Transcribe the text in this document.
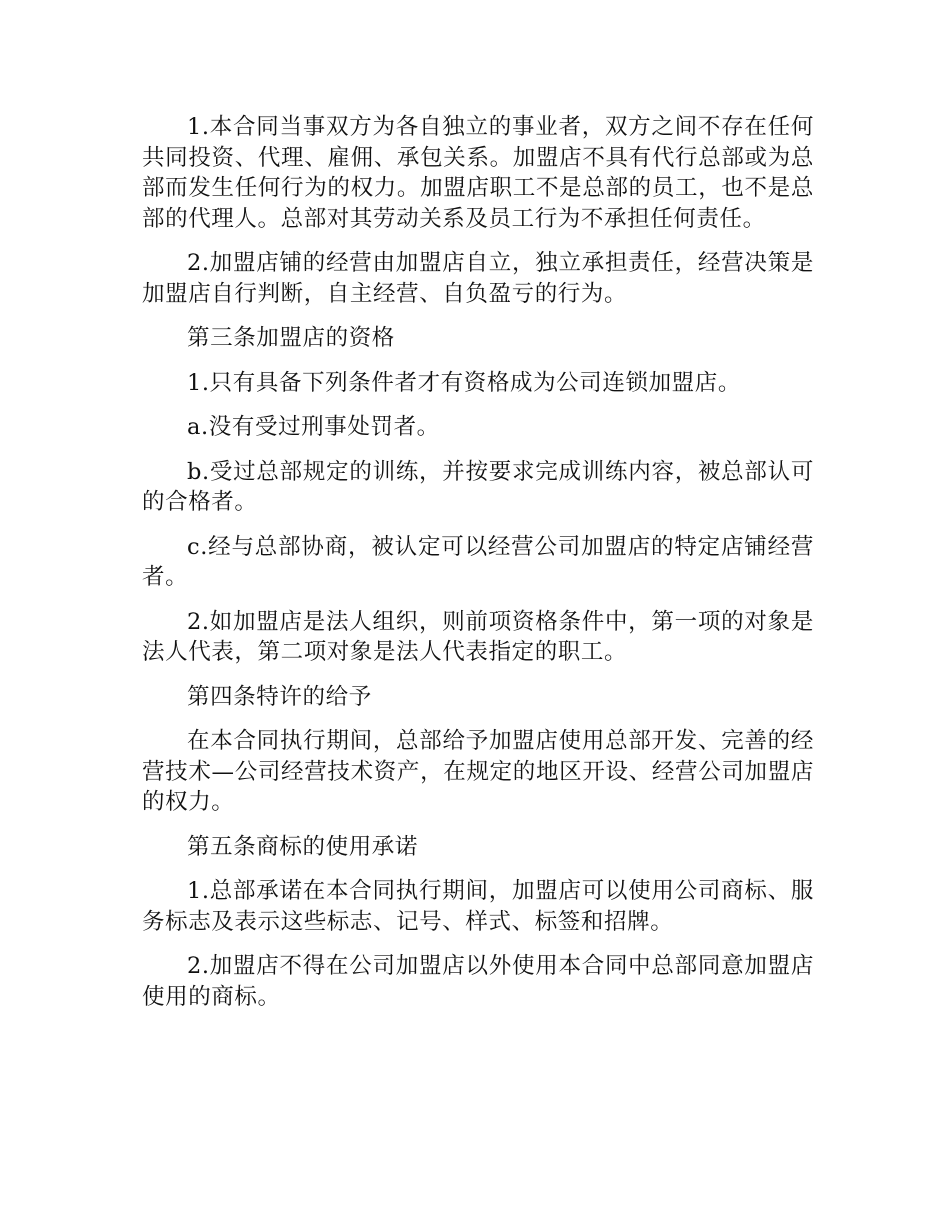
1.本合同当事双方为各自独立的事业者，双方之间不存在任何共同投资、代理、雇佣、承包关系。加盟店不具有代行总部或为总部而发生任何行为的权力。加盟店职工不是总部的员工，也不是总部的代理人。总部对其劳动关系及员工行为不承担任何责任。

2.加盟店铺的经营由加盟店自立，独立承担责任，经营决策是加盟店自行判断，自主经营、自负盈亏的行为。

第三条加盟店的资格

1.只有具备下列条件者才有资格成为公司连锁加盟店。

a.没有受过刑事处罚者。

b.受过总部规定的训练，并按要求完成训练内容，被总部认可的合格者。

c.经与总部协商，被认定可以经营公司加盟店的特定店铺经营者。

2.如加盟店是法人组织，则前项资格条件中，第一项的对象是法人代表，第二项对象是法人代表指定的职工。

第四条特许的给予

在本合同执行期间，总部给予加盟店使用总部开发、完善的经营技术—公司经营技术资产，在规定的地区开设、经营公司加盟店的权力。

第五条商标的使用承诺

1.总部承诺在本合同执行期间，加盟店可以使用公司商标、服务标志及表示这些标志、记号、样式、标签和招牌。

2.加盟店不得在公司加盟店以外使用本合同中总部同意加盟店使用的商标。
